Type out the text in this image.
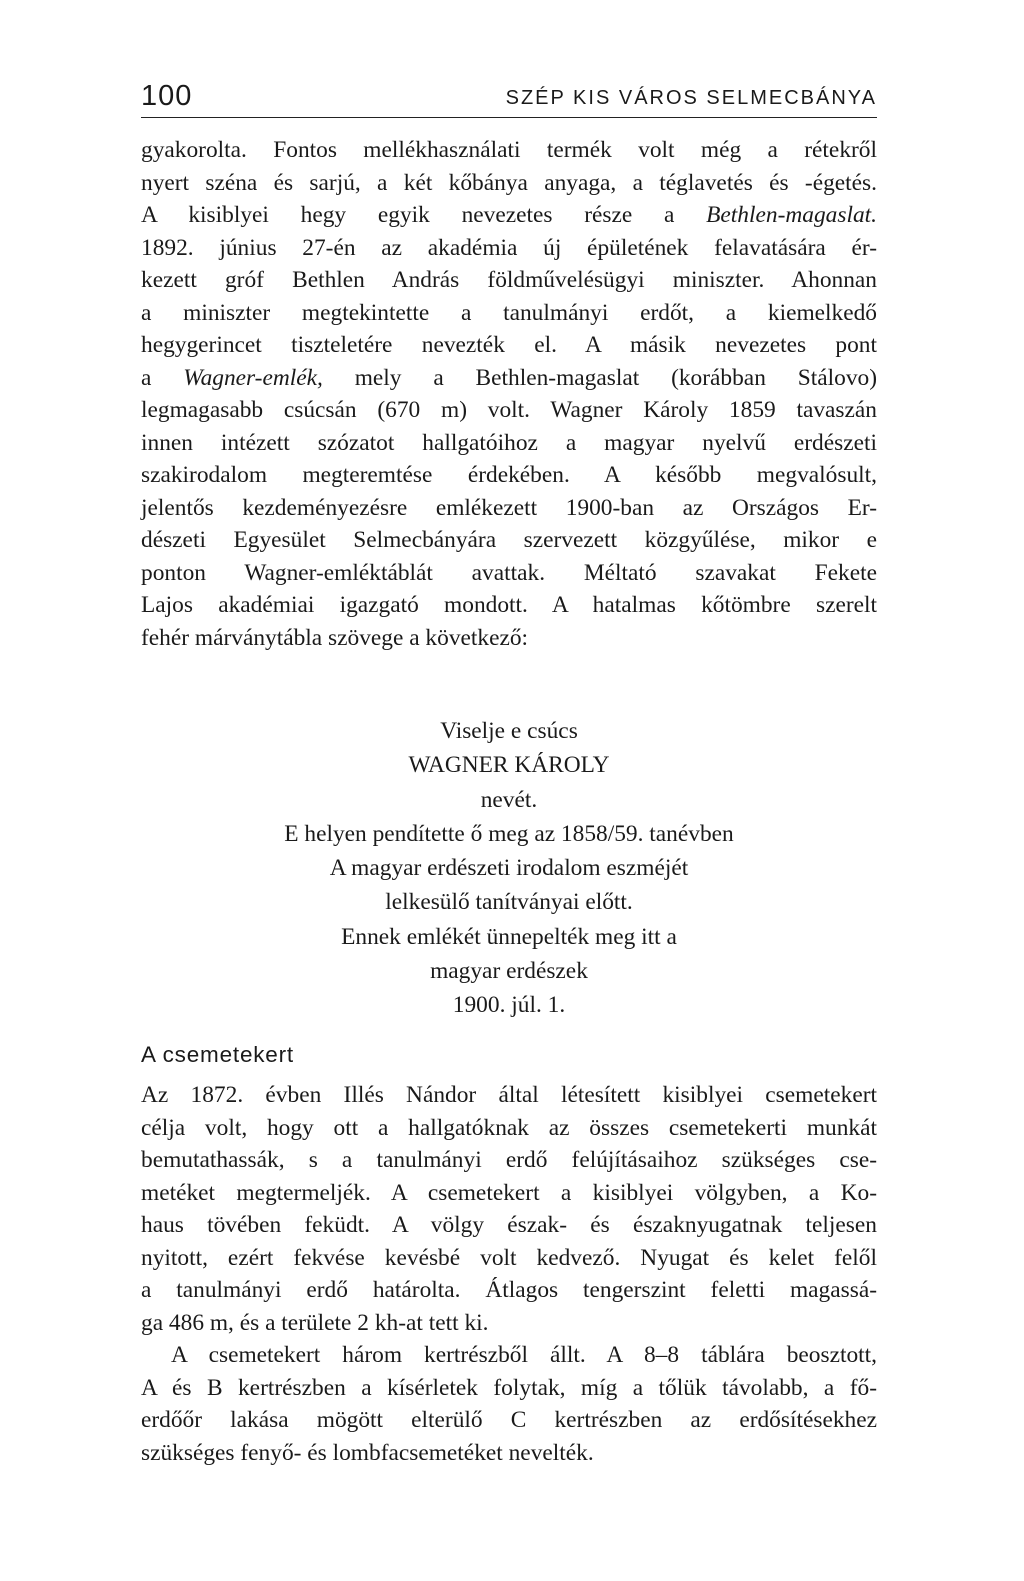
100	SZÉP KIS VÁROS SELMECBÁNYA
gyakorolta. Fontos mellékhasználati termék volt még a rétekről
nyert széna és sarjú, a két kőbánya anyaga, a téglavetés és -égetés.
A kisiblyei hegy egyik nevezetes része a Bethlen-magaslat.
1892. június 27-én az akadémia új épületének felavatására ér-
kezett gróf Bethlen András földművelésügyi miniszter. Ahonnan
a miniszter megtekintette a tanulmányi erdőt, a kiemelkedő
hegygerincet tiszteletére nevezték el. A másik nevezetes pont
a Wagner-emlék, mely a Bethlen-magaslat (korábban Stálovo)
legmagasabb csúcsán (670 m) volt. Wagner Károly 1859 tavaszán
innen intézett szózatot hallgatóihoz a magyar nyelvű erdészeti
szakirodalom megteremtése érdekében. A később megvalósult,
jelentős kezdeményezésre emlékezett 1900-ban az Országos Er-
dészeti Egyesület Selmecbányára szervezett közgyűlése, mikor e
ponton Wagner-emléktáblát avattak. Méltató szavakat Fekete
Lajos akadémiai igazgató mondott. A hatalmas kőtömbre szerelt
fehér márványtábla szövege a következő:
Viselje e csúcs
WAGNER KÁROLY
nevét.
E helyen pendítette ő meg az 1858/59. tanévben
A magyar erdészeti irodalom eszméjét
lelkesülő tanítványai előtt.
Ennek emlékét ünnepelték meg itt a
magyar erdészek
1900. júl. 1.
A csemetekert
Az 1872. évben Illés Nándor által létesített kisiblyei csemetekert
célja volt, hogy ott a hallgatóknak az összes csemetekerti munkát
bemutathassák, s a tanulmányi erdő felújításaihoz szükséges cse-
metéket megtermeljék. A csemetekert a kisiblyei völgyben, a Ko-
haus tövében feküdt. A völgy észak- és északnyugatnak teljesen
nyitott, ezért fekvése kevésbé volt kedvező. Nyugat és kelet felől
a tanulmányi erdő határolta. Átlagos tengerszint feletti magassá-
ga 486 m, és a területe 2 kh-at tett ki.
A csemetekert három kertrészből állt. A 8–8 táblára beosztott,
A és B kertrészben a kísérletek folytak, míg a tőlük távolabb, a fő-
erdőőr lakása mögött elterülő C kertrészben az erdősítésekhez
szükséges fenyő- és lombfacsemetéket nevelték.
